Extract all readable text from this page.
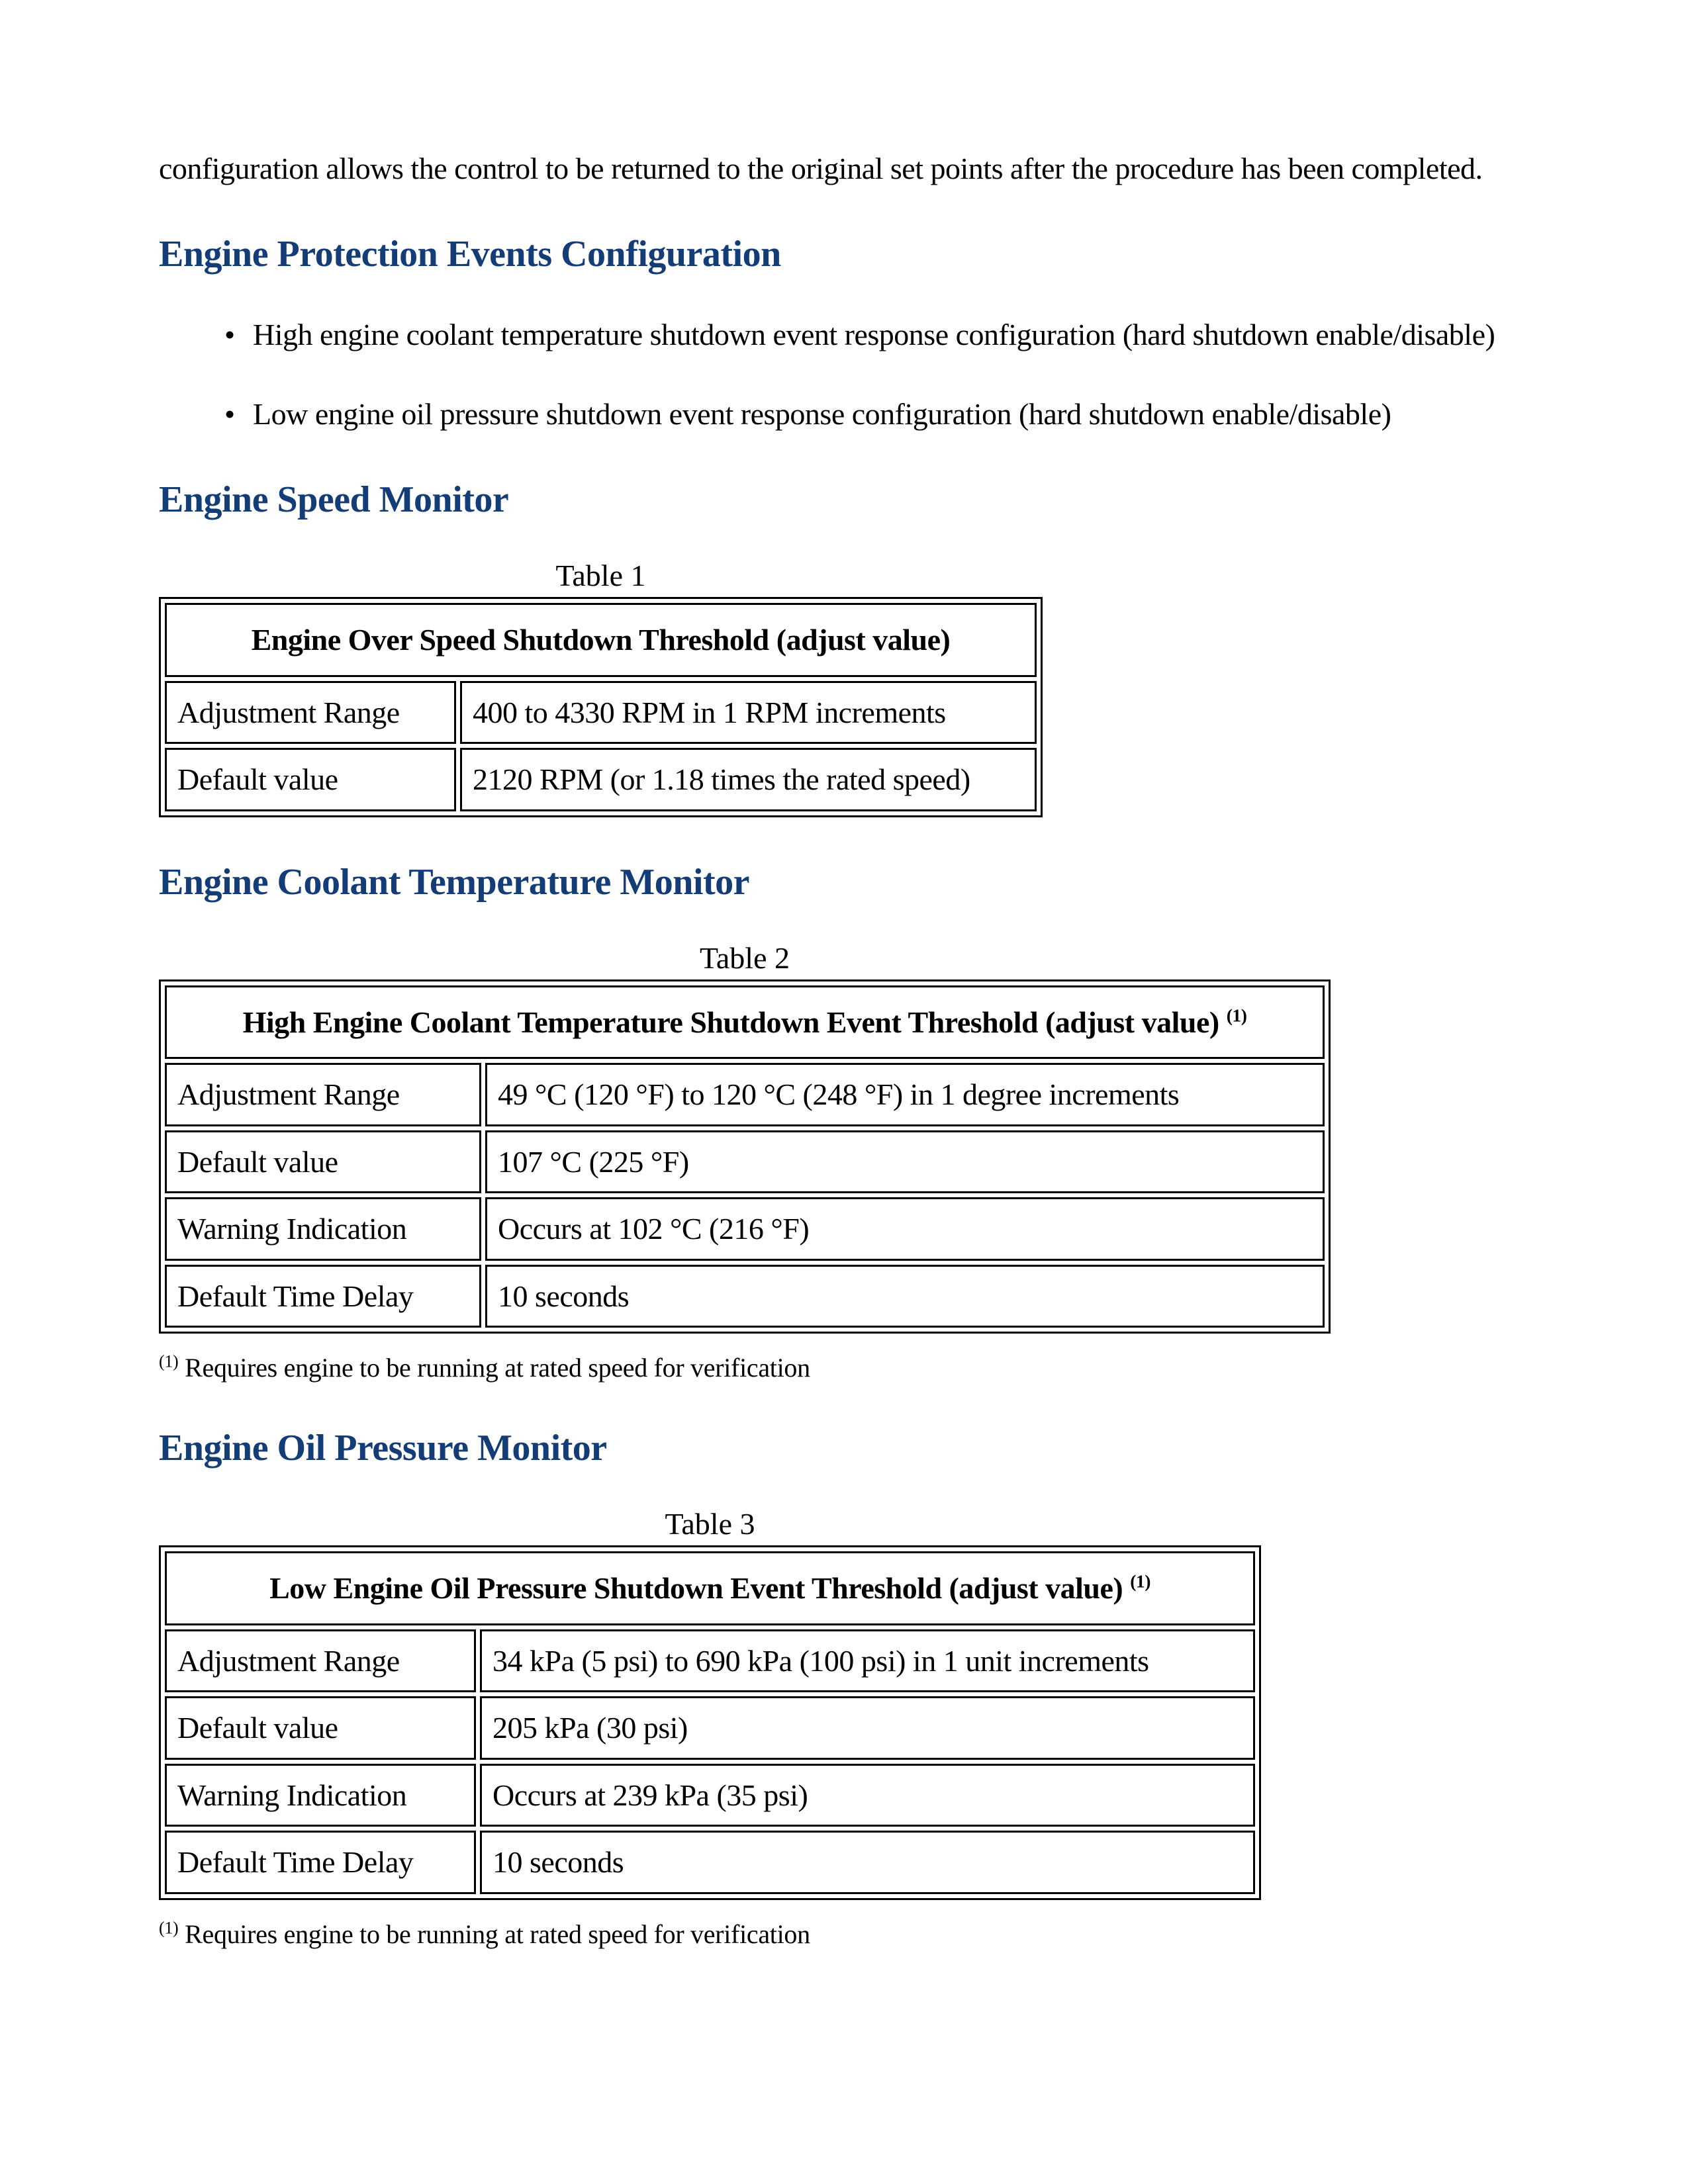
configuration allows the control to be returned to the original set points after the procedure has been completed.

Engine Protection Events Configuration
• High engine coolant temperature shutdown event response configuration (hard shutdown enable/disable)
• Low engine oil pressure shutdown event response configuration (hard shutdown enable/disable)
Engine Speed Monitor

Table 1

Engine Over Speed Shutdown Threshold (adjust value)	
Adjustment Range	400 to 4330 RPM in 1 RPM increments
Default value	2120 RPM (or 1.18 times the rated speed)
Engine Coolant Temperature Monitor

Table 2

High Engine Coolant Temperature Shutdown Event Threshold (adjust value) $^{(1)}$
Adjustment Range	49 °C (120 °F) to 120 °C (248 °F) in 1 degree increments
Default value	107 °C (225 °F)
Warning Indication	Occurs at 102 °C (216 °F)
Default Time Delay	10 seconds

$^{(1)}$ Requires engine to be running at rated speed for verification

Engine Oil Pressure Monitor

Table 3

Low Engine Oil Pressure Shutdown Event Threshold (adjust value) $^{(1)}$
Adjustment Range	34 kPa (5 psi) to 690 kPa (100 psi) in 1 unit increments
Default value	205 kPa (30 psi)
Warning Indication	Occurs at 239 kPa (35 psi)
Default Time Delay	10 seconds

$^{(1)}$ Requires engine to be running at rated speed for verification
